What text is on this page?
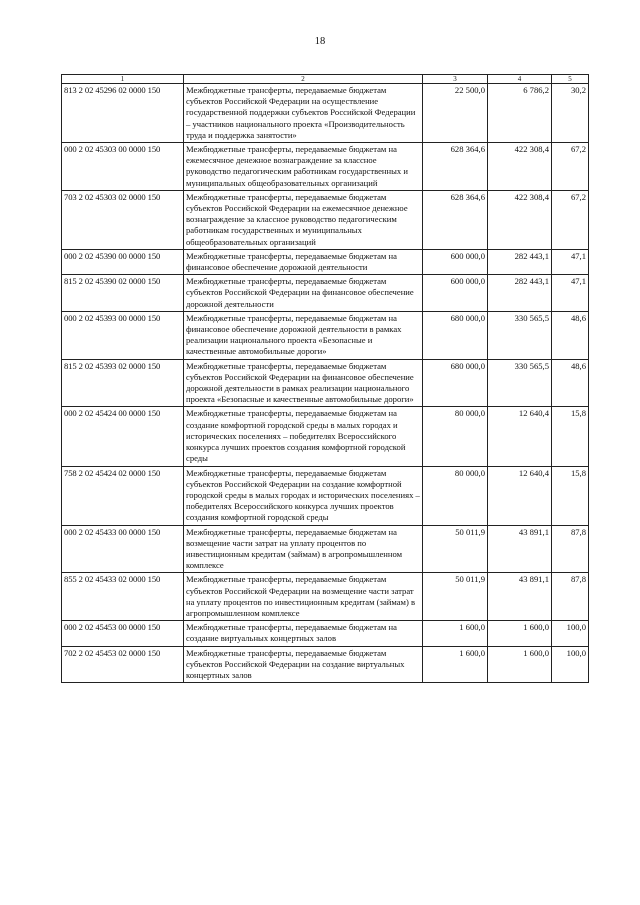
18
1	2	3	4	5
813 2 02 45296 02 0000 150	Межбюджетные трансферты, передаваемые бюджетам субъектов Российской Федерации на осуществление государственной поддержки субъектов Российской Федерации – участников национального проекта «Производительность труда и поддержка занятости»	22 500,0	6 786,2	30,2
000 2 02 45303 00 0000 150	Межбюджетные трансферты, передаваемые бюджетам на ежемесячное денежное вознаграждение за классное руководство педагогическим работникам государственных и муниципальных общеобразовательных организаций	628 364,6	422 308,4	67,2
703 2 02 45303 02 0000 150	Межбюджетные трансферты, передаваемые бюджетам субъектов Российской Федерации на ежемесячное денежное вознаграждение за классное руководство педагогическим работникам государственных и муниципальных общеобразовательных организаций	628 364,6	422 308,4	67,2
000 2 02 45390 00 0000 150	Межбюджетные трансферты, передаваемые бюджетам на финансовое обеспечение дорожной деятельности	600 000,0	282 443,1	47,1
815 2 02 45390 02 0000 150	Межбюджетные трансферты, передаваемые бюджетам субъектов Российской Федерации на финансовое обеспечение дорожной деятельности	600 000,0	282 443,1	47,1
000 2 02 45393 00 0000 150	Межбюджетные трансферты, передаваемые бюджетам на финансовое обеспечение дорожной деятельности в рамках реализации национального проекта «Безопасные и качественные автомобильные дороги»	680 000,0	330 565,5	48,6
815 2 02 45393 02 0000 150	Межбюджетные трансферты, передаваемые бюджетам субъектов Российской Федерации на финансовое обеспечение дорожной деятельности в рамках реализации национального проекта «Безопасные и качественные автомобильные дороги»	680 000,0	330 565,5	48,6
000 2 02 45424 00 0000 150	Межбюджетные трансферты, передаваемые бюджетам на создание комфортной городской среды в малых городах и исторических поселениях – победителях Всероссийского конкурса лучших проектов создания комфортной городской среды	80 000,0	12 640,4	15,8
758 2 02 45424 02 0000 150	Межбюджетные трансферты, передаваемые бюджетам субъектов Российской Федерации на создание комфортной городской среды в малых городах и исторических поселениях – победителях Всероссийского конкурса лучших проектов создания комфортной городской среды	80 000,0	12 640,4	15,8
000 2 02 45433 00 0000 150	Межбюджетные трансферты, передаваемые бюджетам на возмещение части затрат на уплату процентов по инвестиционным кредитам (займам) в агропромышленном комплексе	50 011,9	43 891,1	87,8
855 2 02 45433 02 0000 150	Межбюджетные трансферты, передаваемые бюджетам субъектов Российской Федерации на возмещение части затрат на уплату процентов по инвестиционным кредитам (займам) в агропромышленном комплексе	50 011,9	43 891,1	87,8
000 2 02 45453 00 0000 150	Межбюджетные трансферты, передаваемые бюджетам на создание виртуальных концертных залов	1 600,0	1 600,0	100,0
702 2 02 45453 02 0000 150	Межбюджетные трансферты, передаваемые бюджетам субъектов Российской Федерации на создание виртуальных концертных залов	1 600,0	1 600,0	100,0
